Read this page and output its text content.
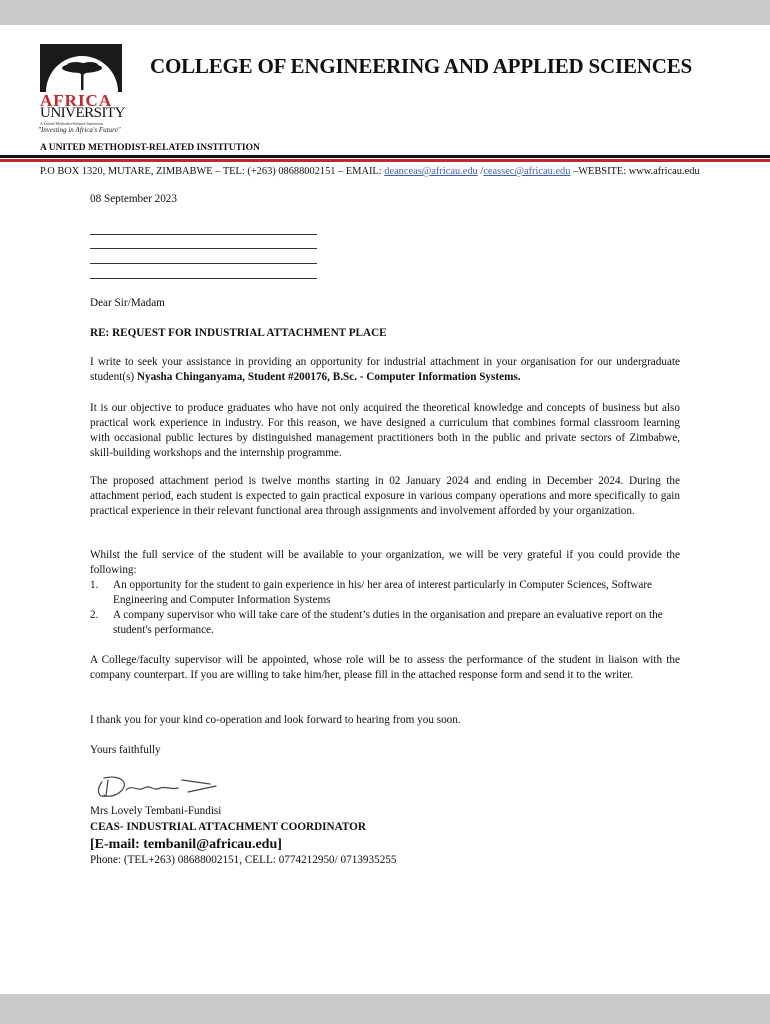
AFRICA
UNIVERSITY
A United Methodist-Related Institution
"Investing in Africa's Future"
COLLEGE OF ENGINEERING AND APPLIED SCIENCES
A UNITED METHODIST-RELATED INSTITUTION
P.O BOX 1320, MUTARE, ZIMBABWE – TEL: (+263) 08688002151 – EMAIL: deanceas@africau.edu /ceassec@africau.edu –WEBSITE: www.africau.edu
08 September 2023
Dear Sir/Madam
RE: REQUEST FOR INDUSTRIAL ATTACHMENT PLACE
I write to seek your assistance in providing an opportunity for industrial attachment in your organisation for our undergraduate student(s) Nyasha Chinganyama, Student #200176, B.Sc. - Computer Information Systems.
It is our objective to produce graduates who have not only acquired the theoretical knowledge and concepts of business but also practical work experience in industry. For this reason, we have designed a curriculum that combines formal classroom learning with occasional public lectures by distinguished management practitioners both in the public and private sectors of Zimbabwe, skill-building workshops and the internship programme.
The proposed attachment period is twelve months starting in 02 January 2024 and ending in December 2024. During the attachment period, each student is expected to gain practical exposure in various company operations and more specifically to gain practical experience in their relevant functional area through assignments and involvement afforded by your organization.
Whilst the full service of the student will be available to your organization, we will be very grateful if you could provide the following:
1. An opportunity for the student to gain experience in his/ her area of interest particularly in Computer Sciences, Software Engineering and Computer Information Systems
2. A company supervisor who will take care of the student’s duties in the organisation and prepare an evaluative report on the student's performance.
A College/faculty supervisor will be appointed, whose role will be to assess the performance of the student in liaison with the company counterpart. If you are willing to take him/her, please fill in the attached response form and send it to the writer.
I thank you for your kind co-operation and look forward to hearing from you soon.
Yours faithfully
Mrs Lovely Tembani-Fundisi
CEAS- INDUSTRIAL ATTACHMENT COORDINATOR
[E-mail: tembanil@africau.edu]
Phone: (TEL+263) 08688002151, CELL: 0774212950/ 0713935255
